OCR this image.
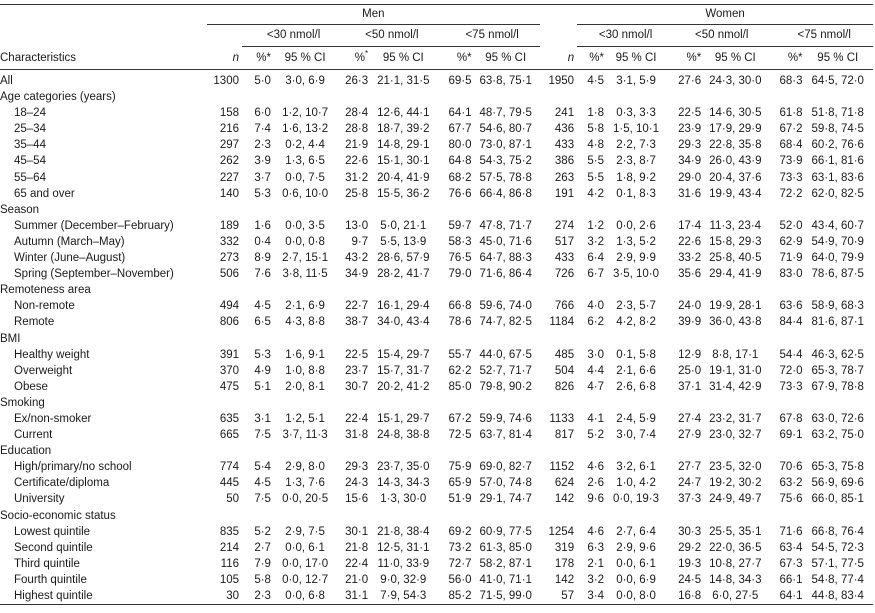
	Men								Women					
		<30 nmol/l		<50 nmol/l		<75 nmol/l			<30 nmol/l		<50 nmol/l		<75 nmol/l	
Characteristics	n	%*	95 % CI	%*	95 % CI	%*	95 % CI	n	%*	95 % CI	%*	95 % CI	%*	95 % CI
All	1300	5·0	3·0, 6·9	26·3	21·1, 31·5	69·5	63·8, 75·1	1950	4·5	3·1, 5·9	27·6	24·3, 30·0	68·3	64·5, 72·0
Age categories (years)														
18–24	158	6·0	1·2, 10·7	28·4	12·6, 44·1	64·1	48·7, 79·5	241	1·8	0·3, 3·3	22·5	14·6, 30·5	61·8	51·8, 71·8
25–34	216	7·4	1·6, 13·2	28·8	18·7, 39·2	67·7	54·6, 80·7	436	5·8	1·5, 10·1	23·9	17·9, 29·9	67·2	59·8, 74·5
35–44	297	2·3	0·2, 4·4	21·9	14·8, 29·1	80·0	73·0, 87·1	433	4·8	2·2, 7·3	29·3	22·8, 35·8	68·4	60·2, 76·6
45–54	262	3·9	1·3, 6·5	22·6	15·1, 30·1	64·8	54·3, 75·2	386	5·5	2·3, 8·7	34·9	26·0, 43·9	73·9	66·1, 81·6
55–64	227	3·7	0·0, 7·5	31·2	20·4, 41·9	68·2	57·5, 78·8	263	5·5	1·8, 9·2	29·0	20·4, 37·6	73·3	63·1, 83·6
65 and over	140	5·3	0·6, 10·0	25·8	15·5, 36·2	76·6	66·4, 86·8	191	4·2	0·1, 8·3	31·6	19·9, 43·4	72·2	62·0, 82·5
Season														
Summer (December–February)	189	1·6	0·0, 3·5	13·0	5·0, 21·1	59·7	47·8, 71·7	274	1·2	0·0, 2·6	17·4	11·3, 23·4	52·0	43·4, 60·7
Autumn (March–May)	332	0·4	0·0, 0·8	9·7	5·5, 13·9	58·3	45·0, 71·6	517	3·2	1·3, 5·2	22·6	15·8, 29·3	62·9	54·9, 70·9
Winter (June–August)	273	8·9	2·7, 15·1	43·2	28·6, 57·9	76·5	64·7, 88·3	433	6·4	2·9, 9·9	33·2	25·8, 40·5	71·9	64·0, 79·9
Spring (September–November)	506	7·6	3·8, 11·5	34·9	28·2, 41·7	79·0	71·6, 86·4	726	6·7	3·5, 10·0	35·6	29·4, 41·9	83·0	78·6, 87·5
Remoteness area														
Non-remote	494	4·5	2·1, 6·9	22·7	16·1, 29·4	66·8	59·6, 74·0	766	4·0	2·3, 5·7	24·0	19·9, 28·1	63·6	58·9, 68·3
Remote	806	6·5	4·3, 8·8	38·7	34·0, 43·4	78·6	74·7, 82·5	1184	6·2	4·2, 8·2	39·9	36·0, 43·8	84·4	81·6, 87·1
BMI														
Healthy weight	391	5·3	1·6, 9·1	22·5	15·4, 29·7	55·7	44·0, 67·5	485	3·0	0·1, 5·8	12·9	8·8, 17·1	54·4	46·3, 62·5
Overweight	370	4·9	1·0, 8·8	23·7	15·7, 31·7	62·2	52·7, 71·7	504	4·4	2·1, 6·6	25·0	19·1, 31·0	72·0	65·3, 78·7
Obese	475	5·1	2·0, 8·1	30·7	20·2, 41·2	85·0	79·8, 90·2	826	4·7	2·6, 6·8	37·1	31·4, 42·9	73·3	67·9, 78·8
Smoking														
Ex/non-smoker	635	3·1	1·2, 5·1	22·4	15·1, 29·7	67·2	59·9, 74·6	1133	4·1	2·4, 5·9	27·4	23·2, 31·7	67·8	63·0, 72·6
Current	665	7·5	3·7, 11·3	31·8	24·8, 38·8	72·5	63·7, 81·4	817	5·2	3·0, 7·4	27·9	23·0, 32·7	69·1	63·2, 75·0
Education														
High/primary/no school	774	5·4	2·9, 8·0	29·3	23·7, 35·0	75·9	69·0, 82·7	1152	4·6	3·2, 6·1	27·7	23·5, 32·0	70·6	65·3, 75·8
Certificate/diploma	445	4·5	1·3, 7·6	24·3	14·3, 34·3	65·9	57·0, 74·8	624	2·6	1·0, 4·2	24·7	19·2, 30·2	63·2	56·9, 69·6
University	50	7·5	0·0, 20·5	15·6	1·3, 30·0	51·9	29·1, 74·7	142	9·6	0·0, 19·3	37·3	24·9, 49·7	75·6	66·0, 85·1
Socio-economic status														
Lowest quintile	835	5·2	2·9, 7·5	30·1	21·8, 38·4	69·2	60·9, 77·5	1254	4·6	2·7, 6·4	30·3	25·5, 35·1	71·6	66·8, 76·4
Second quintile	214	2·7	0·0, 6·1	21·8	12·5, 31·1	73·2	61·3, 85·0	319	6·3	2·9, 9·6	29·2	22·0, 36·5	63·4	54·5, 72·3
Third quintile	116	7·9	0·0, 17·0	22·4	11·0, 33·9	72·7	58·2, 87·1	178	2·1	0·0, 6·1	19·3	10·8, 27·7	67·3	57·1, 77·5
Fourth quintile	105	5·8	0·0, 12·7	21·0	9·0, 32·9	56·0	41·0, 71·1	142	3·2	0·0, 6·9	24·5	14·8, 34·3	66·1	54·8, 77·4
Highest quintile	30	2·3	0·0, 6·8	31·1	7·9, 54·3	85·2	71·5, 99·0	57	3·4	0·0, 8·0	16·8	6·0, 27·5	64·1	44·8, 83·4
